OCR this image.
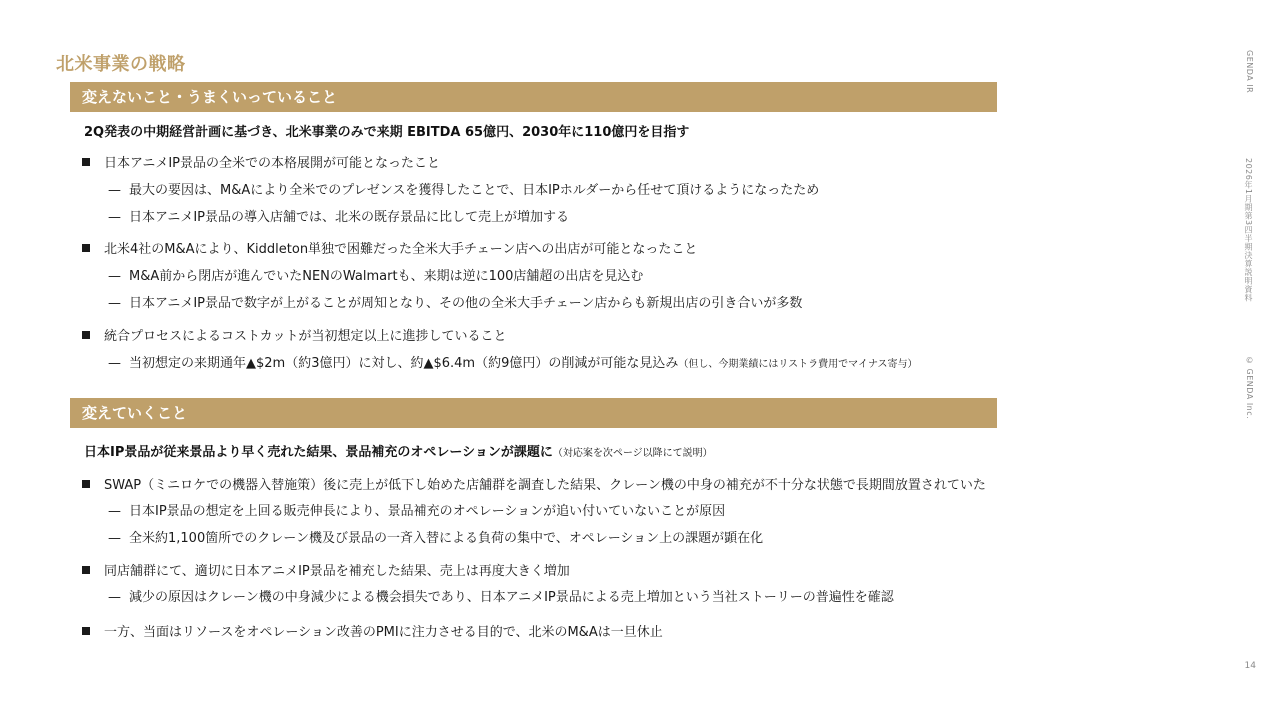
北米事業の戦略	GENDA IR
2026年1月期第3四半期決算説明資料
© GENDA Inc.
14
変えないこと・うまくいっていること
2Q発表の中期経営計画に基づき、北米事業のみで来期 EBITDA 65億円、2030年に110億円を目指す
日本アニメIP景品の全米での本格展開が可能となったこと
— 最大の要因は、M&Aにより全米でのプレゼンスを獲得したことで、日本IPホルダーから任せて頂けるようになったため
— 日本アニメIP景品の導入店舗では、北米の既存景品に比して売上が増加する
北米4社のM&Aにより、Kiddleton単独で困難だった全米大手チェーン店への出店が可能となったこと
— M&A前から閉店が進んでいたNENのWalmartも、来期は逆に100店舗超の出店を見込む
— 日本アニメIP景品で数字が上がることが周知となり、その他の全米大手チェーン店からも新規出店の引き合いが多数
統合プロセスによるコストカットが当初想定以上に進捗していること
— 当初想定の来期通年▲$2m（約3億円）に対し、約▲$6.4m（約9億円）の削減が可能な見込み（但し、今期業績にはリストラ費用でマイナス寄与）
変えていくこと
日本IP景品が従来景品より早く売れた結果、景品補充のオペレーションが課題に（対応案を次ページ以降にて説明）
SWAP（ミニロケでの機器入替施策）後に売上が低下し始めた店舗群を調査した結果、クレーン機の中身の補充が不十分な状態で長期間放置されていた
— 日本IP景品の想定を上回る販売伸長により、景品補充のオペレーションが追い付いていないことが原因
— 全米約1,100箇所でのクレーン機及び景品の一斉入替による負荷の集中で、オペレーション上の課題が顕在化
同店舗群にて、適切に日本アニメIP景品を補充した結果、売上は再度大きく増加
— 減少の原因はクレーン機の中身減少による機会損失であり、日本アニメIP景品による売上増加という当社ストーリーの普遍性を確認
一方、当面はリソースをオペレーション改善のPMIに注力させる目的で、北米のM&Aは一旦休止
